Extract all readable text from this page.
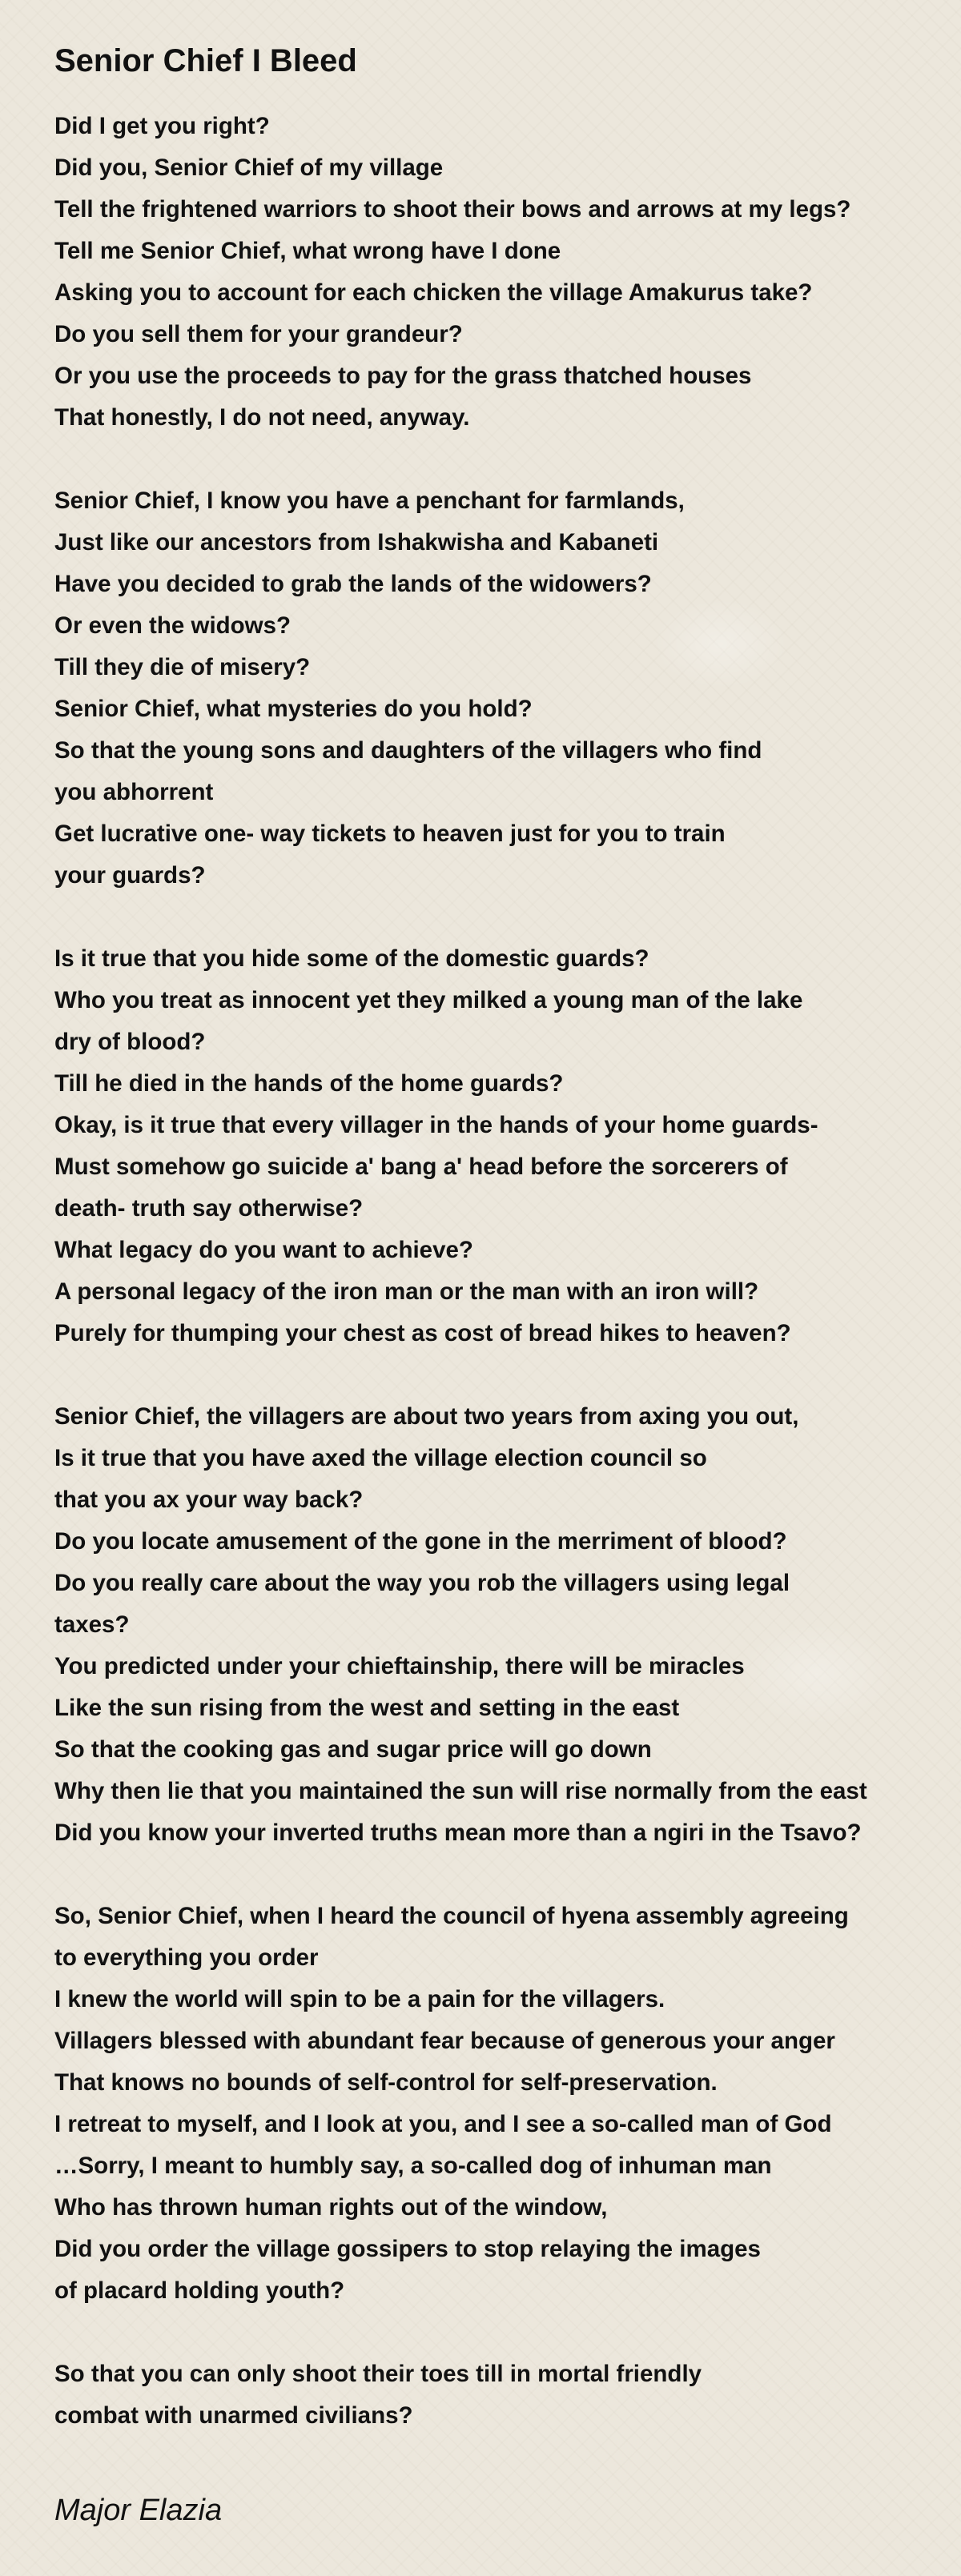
Senior Chief I Bleed
Did I get you right?
Did you, Senior Chief of my village
Tell the frightened warriors to shoot their bows and arrows at my legs?
Tell me Senior Chief, what wrong have I done
Asking you to account for each chicken the village Amakurus take?
Do you sell them for your grandeur?
Or you use the proceeds to pay for the grass thatched houses
That honestly, I do not need, anyway.
Senior Chief, I know you have a penchant for farmlands,
Just like our ancestors from Ishakwisha and Kabaneti
Have you decided to grab the lands of the widowers?
Or even the widows?
Till they die of misery?
Senior Chief, what mysteries do you hold?
So that the young sons and daughters of the villagers who find
you abhorrent
Get lucrative one- way tickets to heaven just for you to train
your guards?
Is it true that you hide some of the domestic guards?
Who you treat as innocent yet they milked a young man of the lake
dry of blood?
Till he died in the hands of the home guards?
Okay, is it true that every villager in the hands of your home guards-
Must somehow go suicide a' bang a' head before the sorcerers of
death- truth say otherwise?
What legacy do you want to achieve?
A personal legacy of the iron man or the man with an iron will?
Purely for thumping your chest as cost of bread hikes to heaven?
Senior Chief, the villagers are about two years from axing you out,
Is it true that you have axed the village election council so
that you ax your way back?
Do you locate amusement of the gone in the merriment of blood?
Do you really care about the way you rob the villagers using legal
taxes?
You predicted under your chieftainship, there will be miracles
Like the sun rising from the west and setting in the east
So that the cooking gas and sugar price will go down
Why then lie that you maintained the sun will rise normally from the east
Did you know your inverted truths mean more than a ngiri in the Tsavo?
So, Senior Chief, when I heard the council of hyena assembly agreeing
to everything you order
I knew the world will spin to be a pain for the villagers.
Villagers blessed with abundant fear because of generous your anger
That knows no bounds of self-control for self-preservation.
I retreat to myself, and I look at you, and I see a so-called man of God
…Sorry, I meant to humbly say, a so-called dog of inhuman man
Who has thrown human rights out of the window,
Did you order the village gossipers to stop relaying the images
of placard holding youth?
So that you can only shoot their toes till in mortal friendly
combat with unarmed civilians?
Major Elazia
